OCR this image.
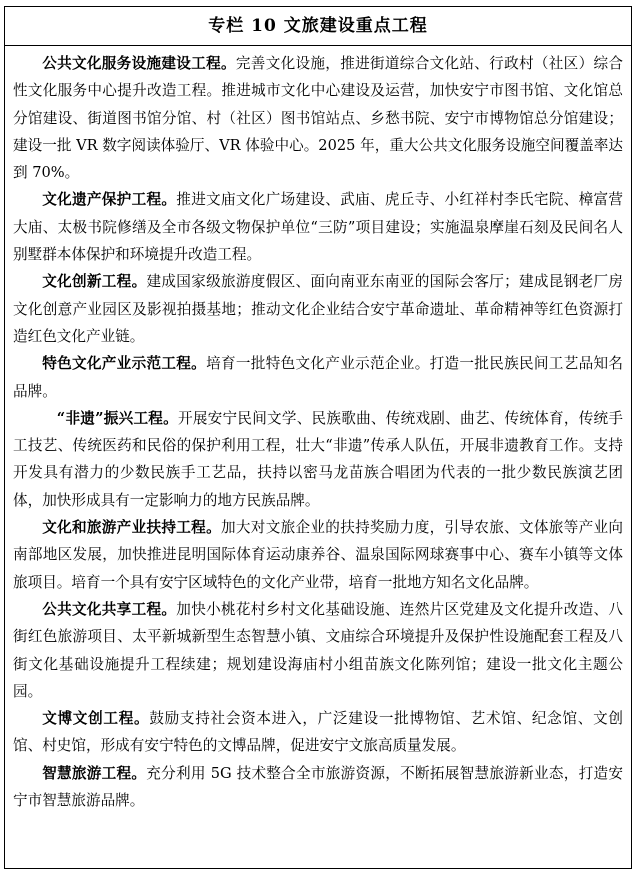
专栏 10 文旅建设重点工程

公共文化服务设施建设工程。完善文化设施，推进街道综合文化站、行政村（社区）综合性文化服务中心提升改造工程。推进城市文化中心建设及运营，加快安宁市图书馆、文化馆总分馆建设、街道图书馆分馆、村（社区）图书馆站点、乡愁书院、安宁市博物馆总分馆建设；建设一批 VR 数字阅读体验厅、VR 体验中心。2025 年，重大公共文化服务设施空间覆盖率达到 70%。

文化遗产保护工程。推进文庙文化广场建设、武庙、虎丘寺、小红祥村李氏宅院、樟富营大庙、太极书院修缮及全市各级文物保护单位“三防”项目建设；实施温泉摩崖石刻及民间名人别墅群本体保护和环境提升改造工程。

文化创新工程。建成国家级旅游度假区、面向南亚东南亚的国际会客厅；建成昆钢老厂房文化创意产业园区及影视拍摄基地；推动文化企业结合安宁革命遗址、革命精神等红色资源打造红色文化产业链。

特色文化产业示范工程。培育一批特色文化产业示范企业。打造一批民族民间工艺品知名品牌。

“非遗”振兴工程。开展安宁民间文学、民族歌曲、传统戏剧、曲艺、传统体育，传统手工技艺、传统医药和民俗的保护利用工程，壮大“非遗”传承人队伍，开展非遗教育工作。支持开发具有潜力的少数民族手工艺品，扶持以密马龙苗族合唱团为代表的一批少数民族演艺团体，加快形成具有一定影响力的地方民族品牌。

文化和旅游产业扶持工程。加大对文旅企业的扶持奖励力度，引导农旅、文体旅等产业向南部地区发展，加快推进昆明国际体育运动康养谷、温泉国际网球赛事中心、赛车小镇等文体旅项目。培育一个具有安宁区域特色的文化产业带，培育一批地方知名文化品牌。

公共文化共享工程。加快小桃花村乡村文化基础设施、连然片区党建及文化提升改造、八街红色旅游项目、太平新城新型生态智慧小镇、文庙综合环境提升及保护性设施配套工程及八街文化基础设施提升工程续建；规划建设海庙村小组苗族文化陈列馆；建设一批文化主题公园。

文博文创工程。鼓励支持社会资本进入，广泛建设一批博物馆、艺术馆、纪念馆、文创馆、村史馆，形成有安宁特色的文博品牌，促进安宁文旅高质量发展。

智慧旅游工程。充分利用 5G 技术整合全市旅游资源，不断拓展智慧旅游新业态，打造安宁市智慧旅游品牌。
